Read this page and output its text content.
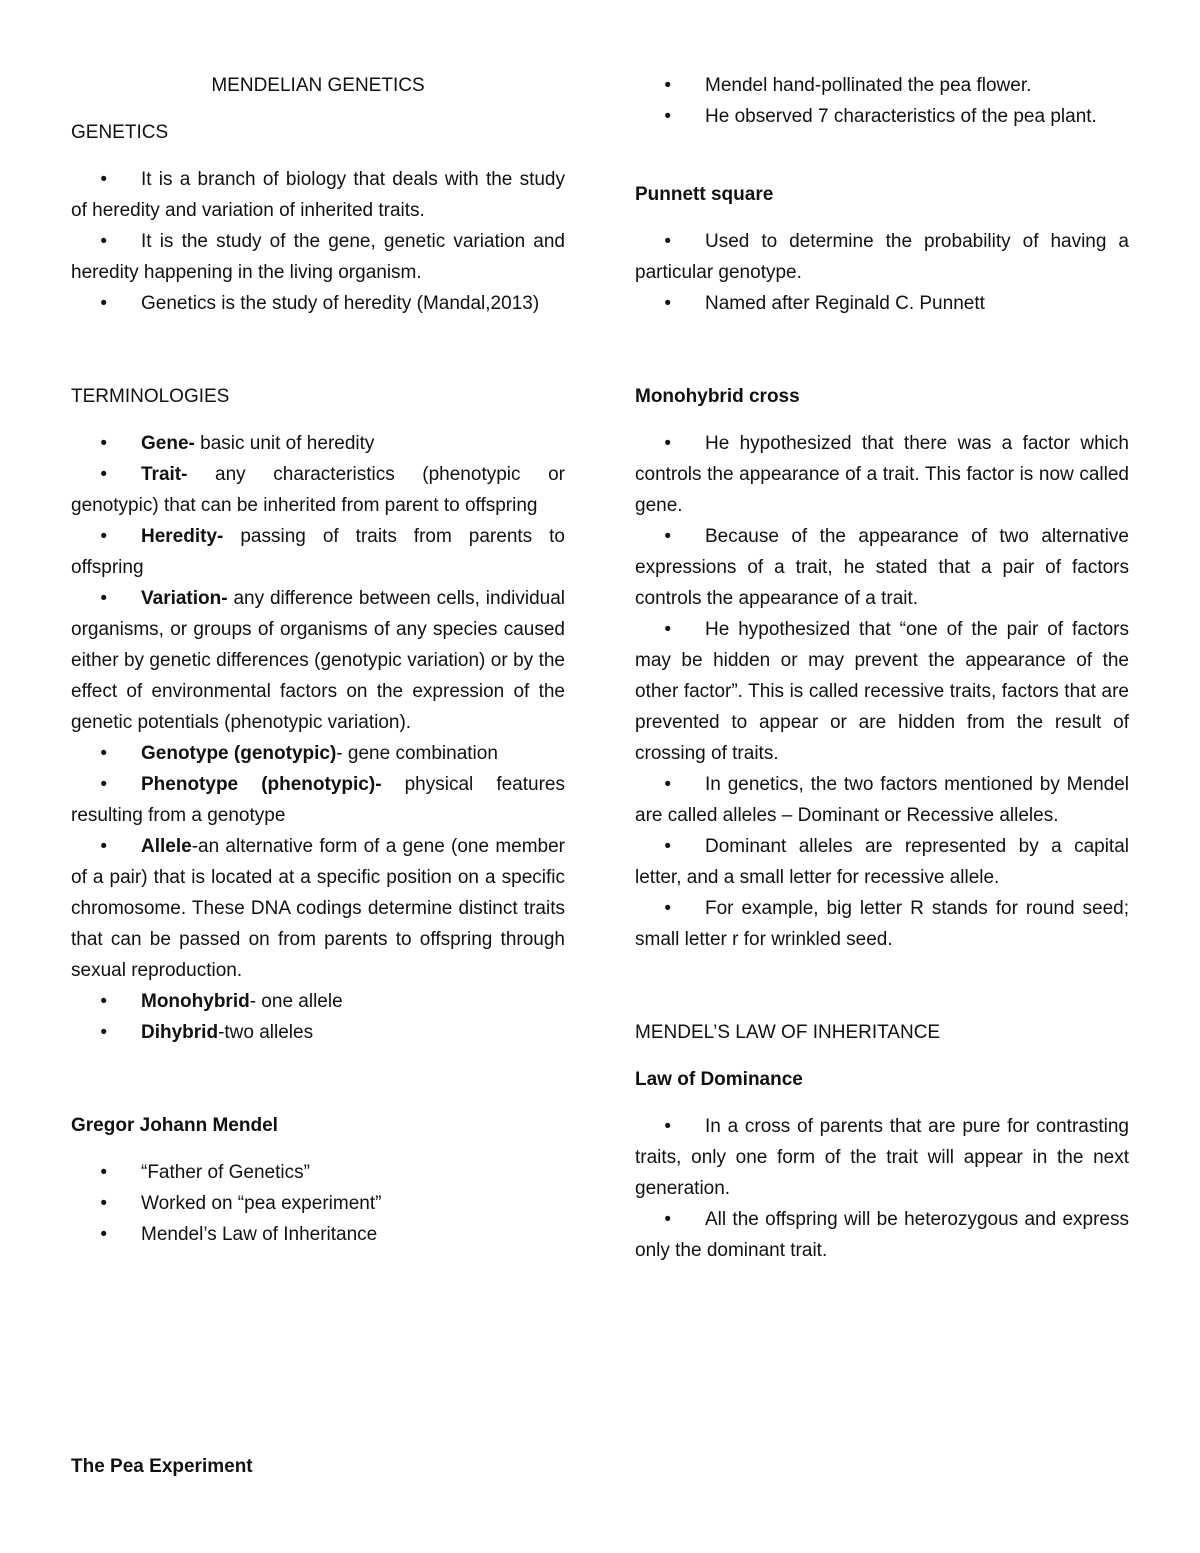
MENDELIAN GENETICS
GENETICS
• It is a branch of biology that deals with the study of heredity and variation of inherited traits.
• It is the study of the gene, genetic variation and heredity happening in the living organism.
• Genetics is the study of heredity (Mandal,2013)
TERMINOLOGIES
• Gene- basic unit of heredity
• Trait- any characteristics (phenotypic or genotypic) that can be inherited from parent to offspring
• Heredity- passing of traits from parents to offspring
• Variation- any difference between cells, individual organisms, or groups of organisms of any species caused either by genetic differences (genotypic variation) or by the effect of environmental factors on the expression of the genetic potentials (phenotypic variation).
• Genotype (genotypic)- gene combination
• Phenotype (phenotypic)- physical features resulting from a genotype
• Allele-an alternative form of a gene (one member of a pair) that is located at a specific position on a specific chromosome. These DNA codings determine distinct traits that can be passed on from parents to offspring through sexual reproduction.
• Monohybrid- one allele
• Dihybrid-two alleles
Gregor Johann Mendel
• “Father of Genetics”
• Worked on “pea experiment”
• Mendel’s Law of Inheritance
The Pea Experiment
• Mendel hand-pollinated the pea flower.
• He observed 7 characteristics of the pea plant.
Punnett square
• Used to determine the probability of having a particular genotype.
• Named after Reginald C. Punnett
Monohybrid cross
• He hypothesized that there was a factor which controls the appearance of a trait. This factor is now called gene.
• Because of the appearance of two alternative expressions of a trait, he stated that a pair of factors controls the appearance of a trait.
• He hypothesized that “one of the pair of factors may be hidden or may prevent the appearance of the other factor”. This is called recessive traits, factors that are prevented to appear or are hidden from the result of crossing of traits.
• In genetics, the two factors mentioned by Mendel are called alleles – Dominant or Recessive alleles.
• Dominant alleles are represented by a capital letter, and a small letter for recessive allele.
• For example, big letter R stands for round seed; small letter r for wrinkled seed.
MENDEL’S LAW OF INHERITANCE
Law of Dominance
• In a cross of parents that are pure for contrasting traits, only one form of the trait will appear in the next generation.
• All the offspring will be heterozygous and express only the dominant trait.
